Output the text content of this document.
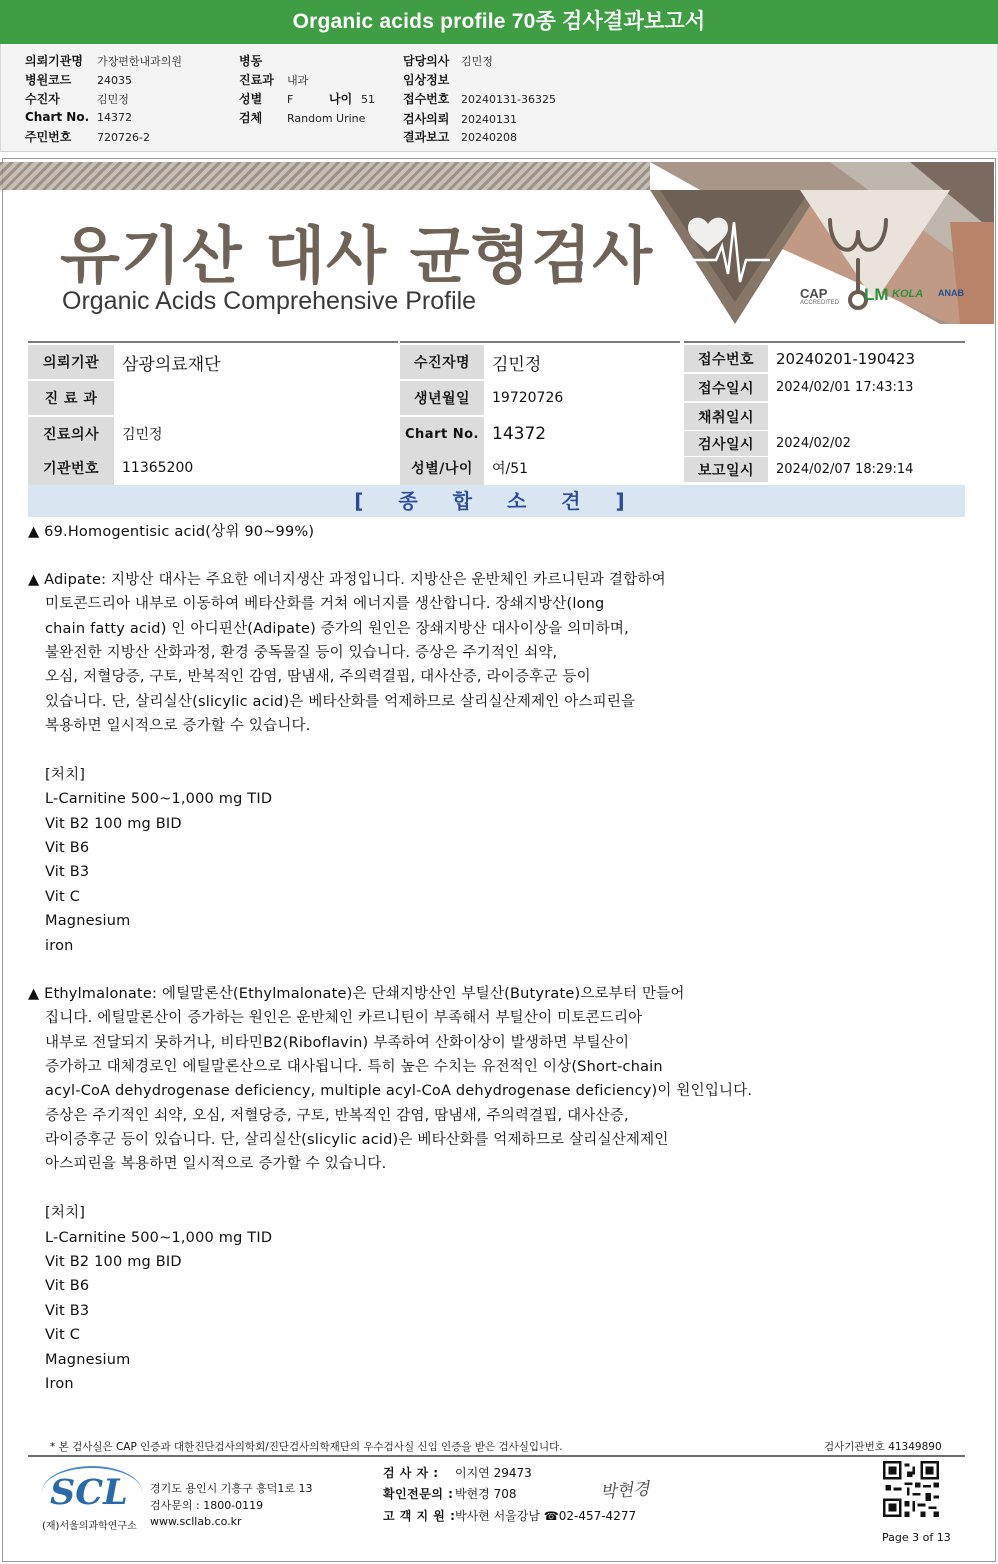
Organic acids profile 70종 검사결과보고서
의뢰기관명 가장편한내과의원
병원코드 24035
수진자	김민정
Chart No. 14372
주민번호 720726-2
병동
진료과 내과
성별 F	나이 51
검체 Random Urine
담당의사 김민정
임상정보
접수번호 20240131-36325
검사의뢰 20240131
결과보고 20240208
유기산 대사 균형검사
Organic Acids Comprehensive Profile	CAP
ACCREDITED LM KOLA ANAB
의뢰기관	삼광의료재단
진 료 과
진료의사	김민정
기관번호	11365200
수진자명	김민정
생년월일	19720726
Chart No. 14372
성별/나이	여/51
접수번호	20240201-190423
접수일시	2024/02/01 17:43:13
채취일시
검사일시	2024/02/02
보고일시	2024/02/07 18:29:14
[ 종 합 소 견 ]
▲ 69.Homogentisic acid(상위 90~99%)
▲ Adipate: 지방산 대사는 주요한 에너지생산 과정입니다. 지방산은 운반체인 카르니틴과 결합하여
미토콘드리아 내부로 이동하여 베타산화를 거쳐 에너지를 생산합니다. 장쇄지방산(long
chain fatty acid) 인 아디핀산(Adipate) 증가의 원인은 장쇄지방산 대사이상을 의미하며,
불완전한 지방산 산화과정, 환경 중독물질 등이 있습니다. 증상은 주기적인 쇠약,
오심, 저혈당증, 구토, 반복적인 감염, 땀냄새, 주의력결핍, 대사산증, 라이증후군 등이
있습니다. 단, 살리실산(slicylic acid)은 베타산화를 억제하므로 살리실산제제인 아스피린을
복용하면 일시적으로 증가할 수 있습니다.
[처치]
L-Carnitine 500~1,000 mg TID
Vit B2 100 mg BID
Vit B6
Vit B3
Vit C
Magnesium
iron
▲ Ethylmalonate: 에틸말론산(Ethylmalonate)은 단쇄지방산인 부틸산(Butyrate)으로부터 만들어
집니다. 에틸말론산이 증가하는 원인은 운반체인 카르니틴이 부족해서 부틸산이 미토콘드리아
내부로 전달되지 못하거나, 비타민B2(Riboflavin) 부족하여 산화이상이 발생하면 부틸산이
증가하고 대체경로인 에틸말론산으로 대사됩니다. 특히 높은 수치는 유전적인 이상(Short-chain
acyl-CoA dehydrogenase deficiency, multiple acyl-CoA dehydrogenase deficiency)이 원인입니다.
증상은 주기적인 쇠약, 오심, 저혈당증, 구토, 반복적인 감염, 땀냄새, 주의력결핍, 대사산증,
라이증후군 등이 있습니다. 단, 살리실산(slicylic acid)은 베타산화를 억제하므로 살리실산제제인
아스피린을 복용하면 일시적으로 증가할 수 있습니다.
[처치]
L-Carnitine 500~1,000 mg TID
Vit B2 100 mg BID
Vit B6
Vit B3
Vit C
Magnesium
Iron
* 본 검사실은 CAP 인증과 대한진단검사의학회/진단검사의학재단의 우수검사실 신임 인증을 받은 검사실입니다.	검사기관번호 41349890
SCL
(재)서울의과학연구소
경기도 용인시 기흥구 흥덕1로 13
검사문의 : 1800-0119
www.scllab.co.kr
검 사 자 : 이지연 29473
확인전문의 : 박현경 708
고 객 지 원 :박사현 서울강남 ☎02-457-4277
박현경
Page 3 of 13
